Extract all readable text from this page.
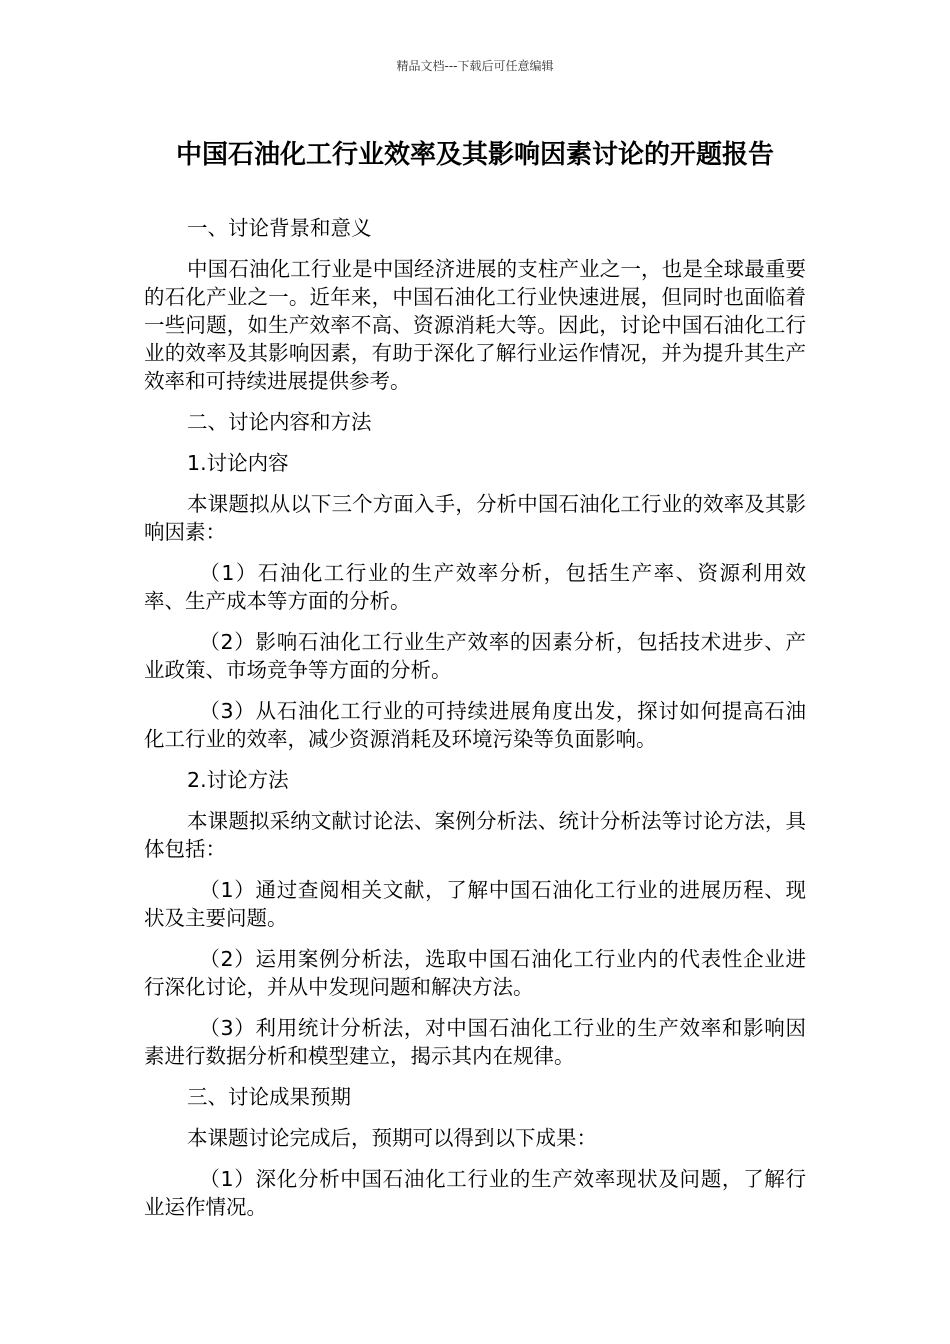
精品文档---下载后可任意编辑
中国石油化工行业效率及其影响因素讨论的开题报告

一、讨论背景和意义

中国石油化工行业是中国经济进展的支柱产业之一，也是全球最重要的石化产业之一。近年来，中国石油化工行业快速进展，但同时也面临着一些问题，如生产效率不高、资源消耗大等。因此，讨论中国石油化工行业的效率及其影响因素，有助于深化了解行业运作情况，并为提升其生产效率和可持续进展提供参考。

二、讨论内容和方法

1.讨论内容

本课题拟从以下三个方面入手，分析中国石油化工行业的效率及其影响因素：

（1）石油化工行业的生产效率分析，包括生产率、资源利用效率、生产成本等方面的分析。

（2）影响石油化工行业生产效率的因素分析，包括技术进步、产业政策、市场竞争等方面的分析。

（3）从石油化工行业的可持续进展角度出发，探讨如何提高石油化工行业的效率，减少资源消耗及环境污染等负面影响。

2.讨论方法

本课题拟采纳文献讨论法、案例分析法、统计分析法等讨论方法，具体包括：

（1）通过查阅相关文献，了解中国石油化工行业的进展历程、现状及主要问题。

（2）运用案例分析法，选取中国石油化工行业内的代表性企业进行深化讨论，并从中发现问题和解决方法。

（3）利用统计分析法，对中国石油化工行业的生产效率和影响因素进行数据分析和模型建立，揭示其内在规律。

三、讨论成果预期

本课题讨论完成后，预期可以得到以下成果：

（1）深化分析中国石油化工行业的生产效率现状及问题，了解行业运作情况。
